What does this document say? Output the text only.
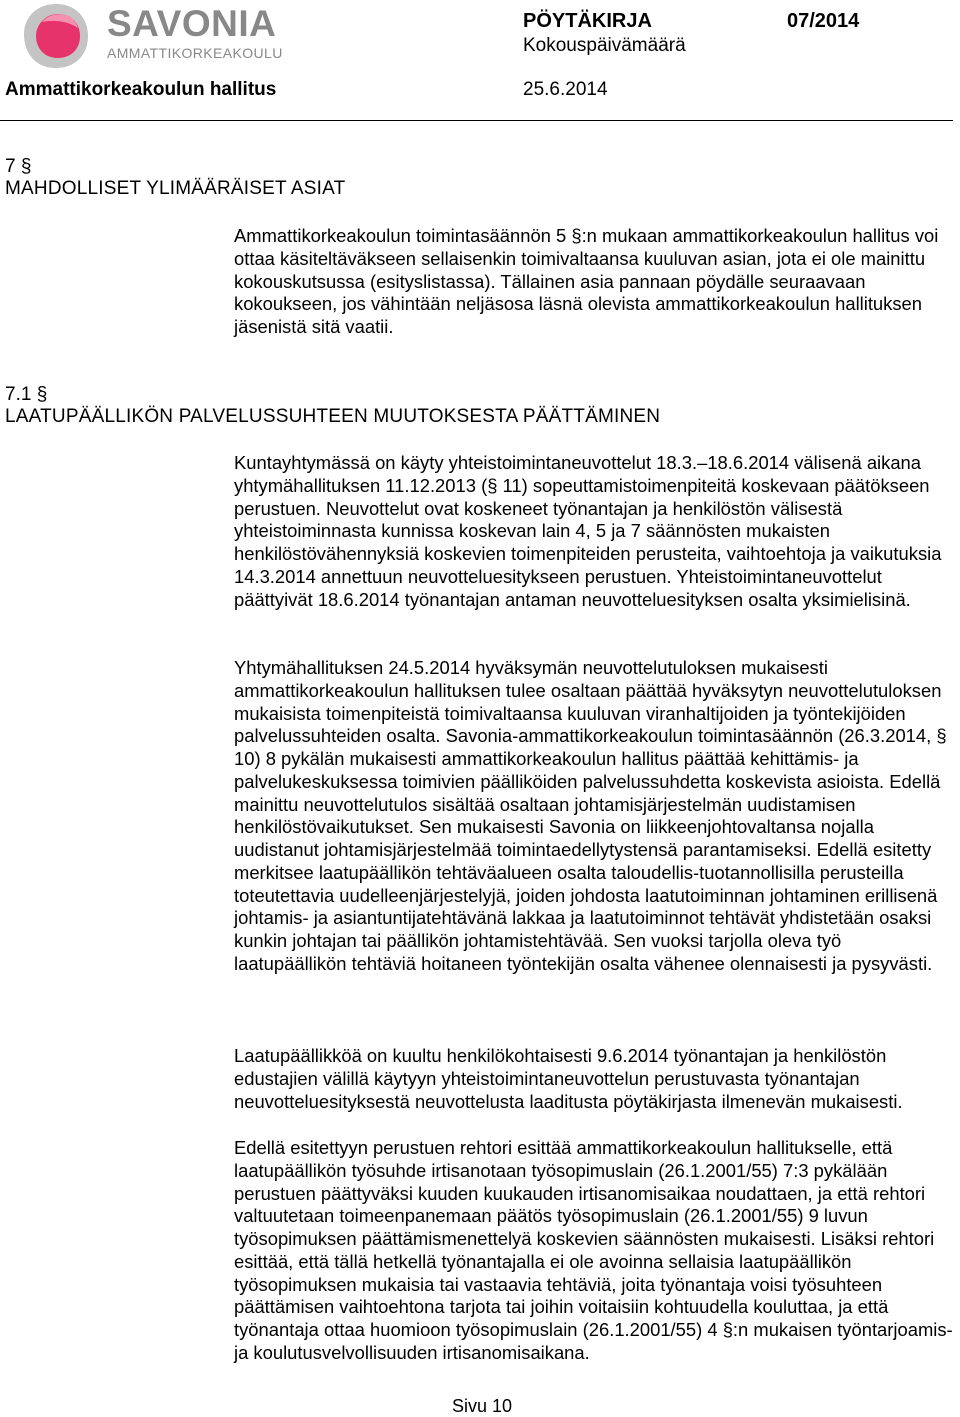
SAVONIA
AMMATTIKORKEAKOULU
PÖYTÄKIRJA	07/2014
Kokouspäivämäärä
Ammattikorkeakoulun hallitus	25.6.2014
7 §
MAHDOLLISET YLIMÄÄRÄISET ASIAT
Ammattikorkeakoulun toimintasäännön 5 §:n mukaan ammattikorkeakoulun hallitus voi ottaa käsiteltäväkseen sellaisenkin toimivaltaansa kuuluvan asian, jota ei ole mainittu kokouskutsussa (esityslistassa). Tällainen asia pannaan pöydälle seuraavaan kokoukseen, jos vähintään neljäsosa läsnä olevista ammattikorkeakoulun hallituksen jäsenistä sitä vaatii.
7.1 §
LAATUPÄÄLLIKÖN PALVELUSSUHTEEN MUUTOKSESTA PÄÄTTÄMINEN
Kuntayhtymässä on käyty yhteistoimintaneuvottelut 18.3.–18.6.2014 välisenä aikana yhtymähallituksen 11.12.2013 (§ 11) sopeuttamistoimenpiteitä koskevaan päätökseen perustuen. Neuvottelut ovat koskeneet työnantajan ja henkilöstön välisestä yhteistoiminnasta kunnissa koskevan lain 4, 5 ja 7 säännösten mukaisten henkilöstövähennyksiä koskevien toimenpiteiden perusteita, vaihtoehtoja ja vaikutuksia 14.3.2014 annettuun neuvotteluesitykseen perustuen. Yhteistoimintaneuvottelut päättyivät 18.6.2014 työnantajan antaman neuvotteluesityksen osalta yksimielisinä.
Yhtymähallituksen 24.5.2014 hyväksymän neuvottelutuloksen mukaisesti ammattikorkeakoulun hallituksen tulee osaltaan päättää hyväksytyn neuvottelutuloksen mukaisista toimenpiteistä toimivaltaansa kuuluvan viranhaltijoiden ja työntekijöiden palvelussuhteiden osalta. Savonia-ammattikorkeakoulun toimintasäännön (26.3.2014, § 10) 8 pykälän mukaisesti ammattikorkeakoulun hallitus päättää kehittämis- ja palvelukeskuksessa toimivien päälliköiden palvelussuhdetta koskevista asioista. Edellä mainittu neuvottelutulos sisältää osaltaan johtamisjärjestelmän uudistamisen henkilöstövaikutukset. Sen mukaisesti Savonia on liikkeenjohtovaltansa nojalla uudistanut johtamisjärjestelmää toimintaedellytystensä parantamiseksi. Edellä esitetty merkitsee laatupäällikön tehtäväalueen osalta taloudellis-tuotannollisilla perusteilla toteutettavia uudelleenjärjestelyjä, joiden johdosta laatutoiminnan johtaminen erillisenä johtamis- ja asiantuntijatehtävänä lakkaa ja laatutoiminnot tehtävät yhdistetään osaksi kunkin johtajan tai päällikön johtamistehtävää. Sen vuoksi tarjolla oleva työ laatupäällikön tehtäviä hoitaneen työntekijän osalta vähenee olennaisesti ja pysyvästi.
Laatupäällikköä on kuultu henkilökohtaisesti 9.6.2014 työnantajan ja henkilöstön edustajien välillä käytyyn yhteistoimintaneuvottelun perustuvasta työnantajan neuvotteluesityksestä neuvottelusta laaditusta pöytäkirjasta ilmenevän mukaisesti.
Edellä esitettyyn perustuen rehtori esittää ammattikorkeakoulun hallitukselle, että laatupäällikön työsuhde irtisanotaan työsopimuslain (26.1.2001/55) 7:3 pykälään perustuen päättyväksi kuuden kuukauden irtisanomisaikaa noudattaen, ja että rehtori valtuutetaan toimeenpanemaan päätös työsopimuslain (26.1.2001/55) 9 luvun työsopimuksen päättämismenettelyä koskevien säännösten mukaisesti. Lisäksi rehtori esittää, että tällä hetkellä työnantajalla ei ole avoinna sellaisia laatupäällikön työsopimuksen mukaisia tai vastaavia tehtäviä, joita työnantaja voisi työsuhteen päättämisen vaihtoehtona tarjota tai joihin voitaisiin kohtuudella kouluttaa, ja että työnantaja ottaa huomioon työsopimuslain (26.1.2001/55) 4 §:n mukaisen työntarjoamis- ja koulutusvelvollisuuden irtisanomisaikana.
Sivu 10
